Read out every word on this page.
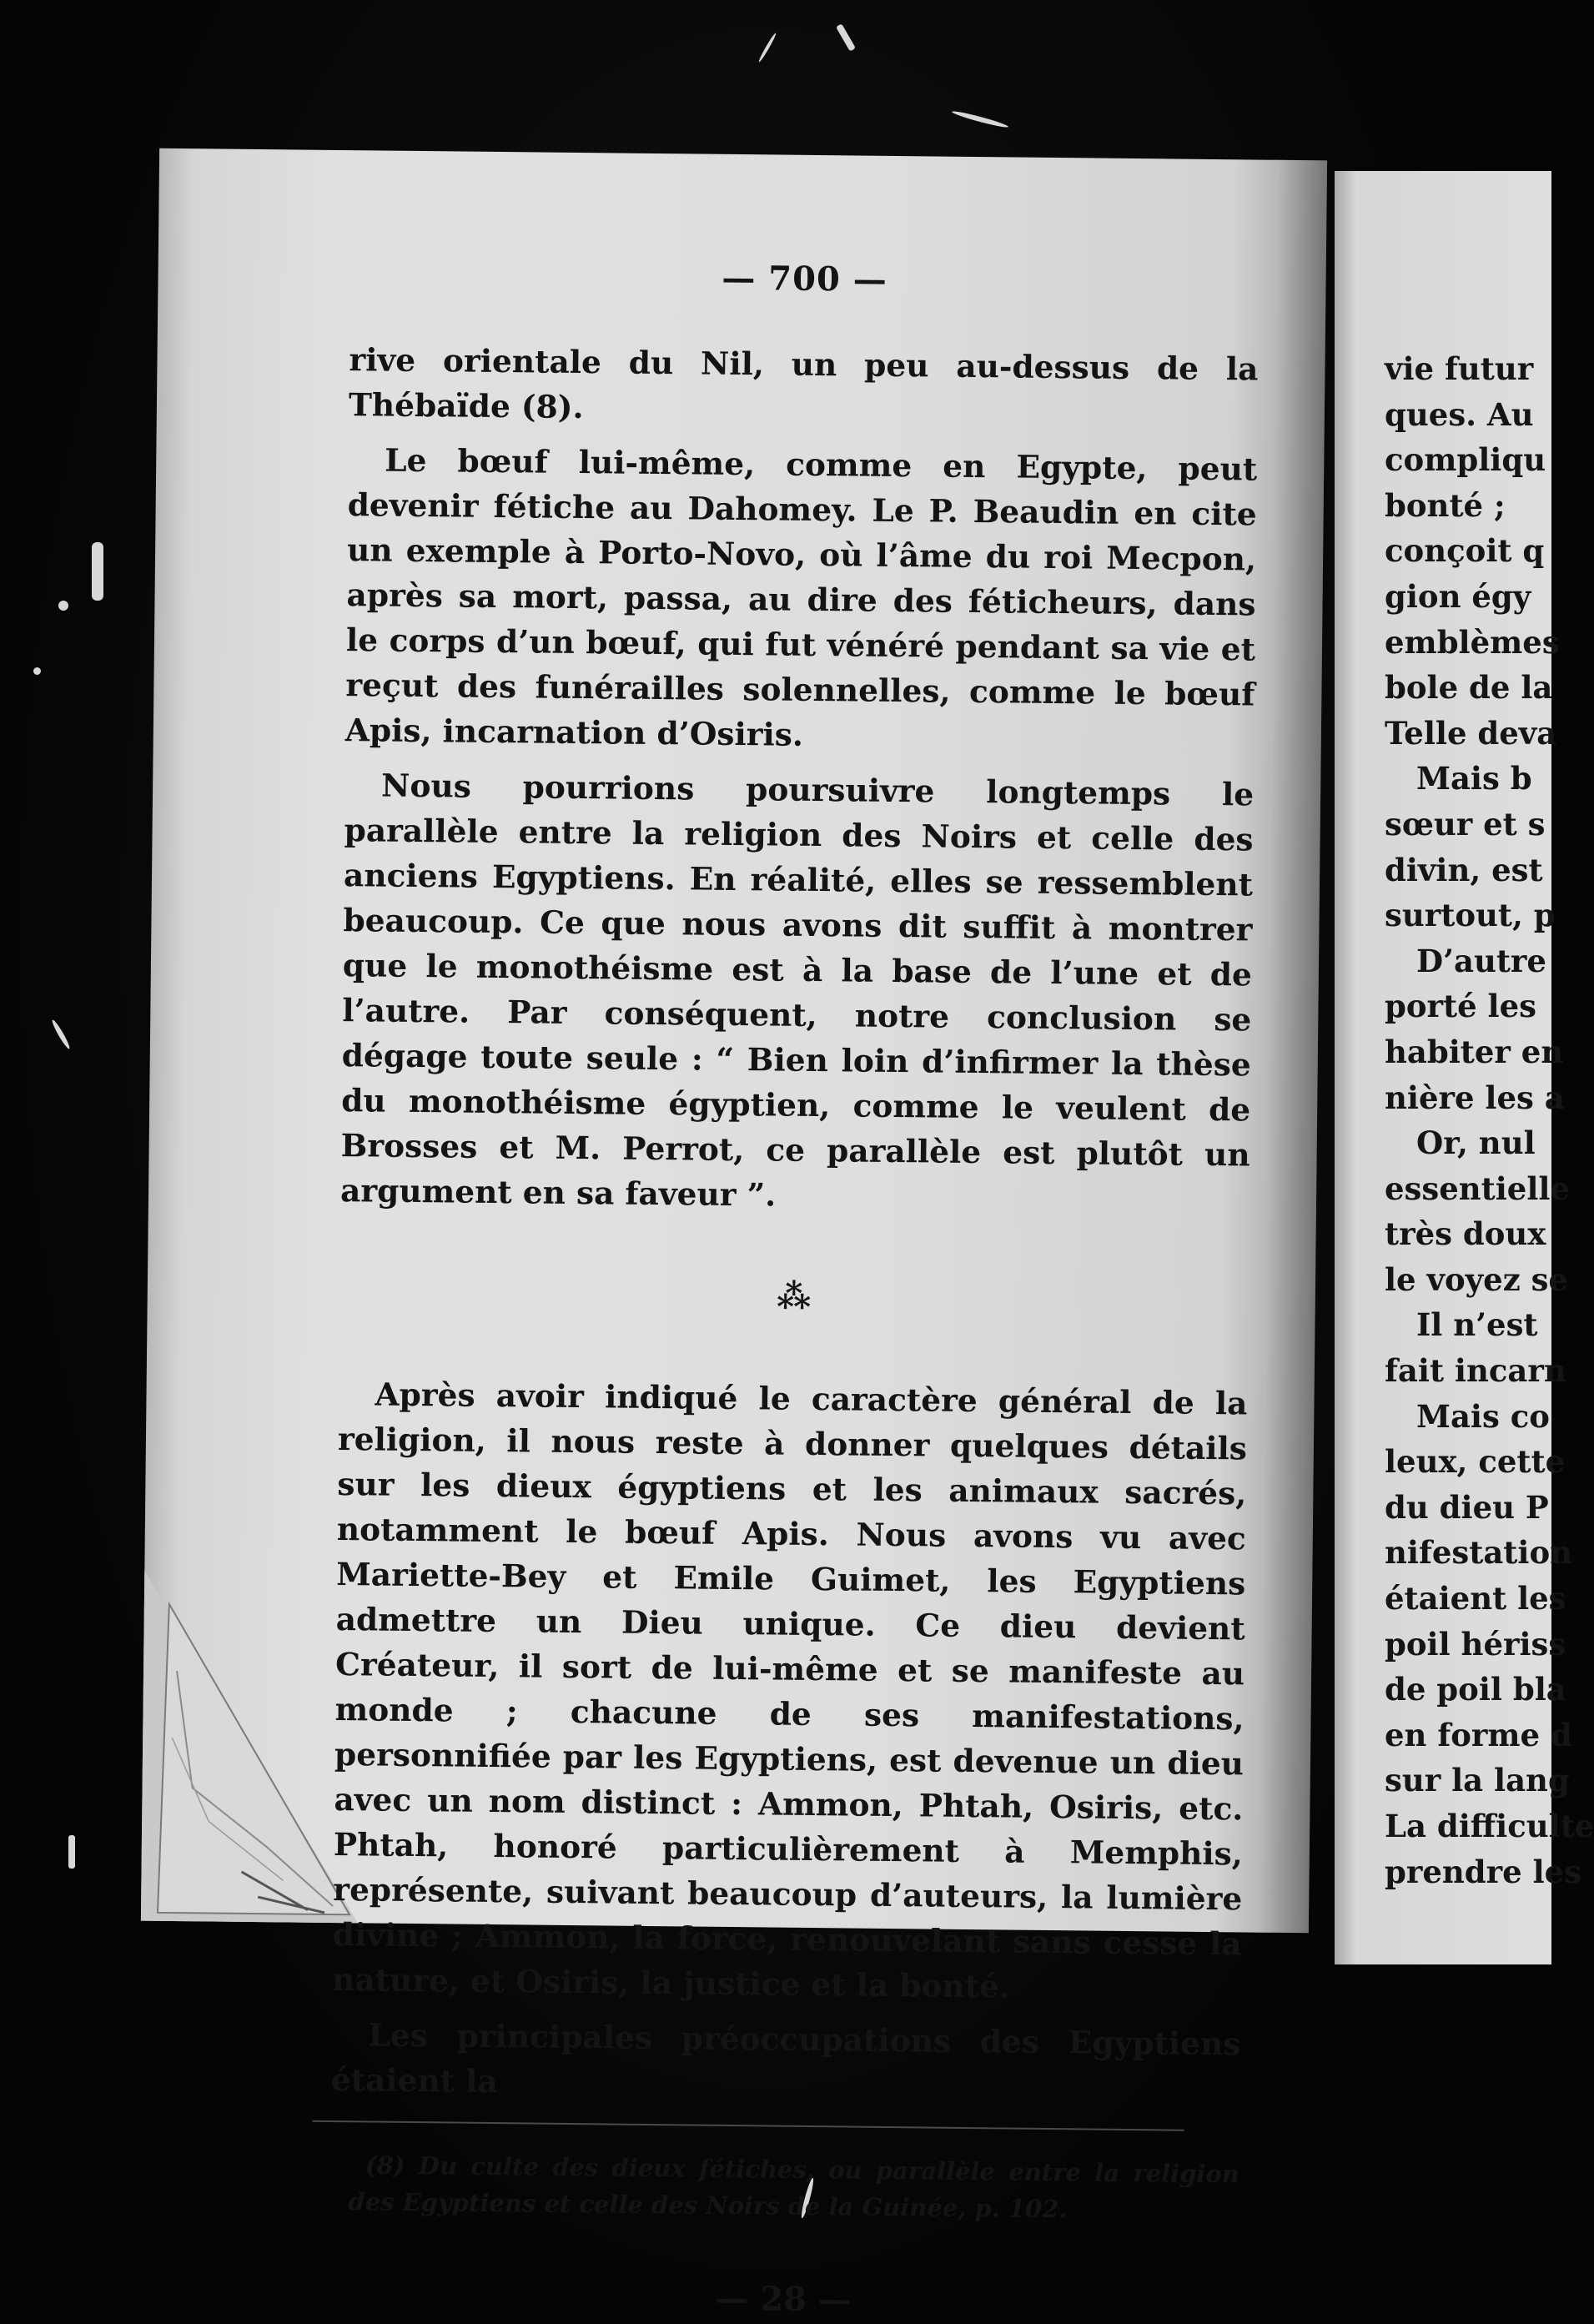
— 700 —

rive orientale du Nil, un peu au-dessus de la Thébaïde (8).

Le bœuf lui-même, comme en Egypte, peut devenir fétiche au Dahomey. Le P. Beaudin en cite un exemple à Porto-Novo, où l’âme du roi Mecpon, après sa mort, passa, au dire des féticheurs, dans le corps d’un bœuf, qui fut vénéré pendant sa vie et reçut des funérailles solennelles, comme le bœuf Apis, incarnation d’Osiris.

Nous pourrions poursuivre longtemps le parallèle entre la religion des Noirs et celle des anciens Egyptiens. En réalité, elles se ressemblent beaucoup. Ce que nous avons dit suffit à montrer que le monothéisme est à la base de l’une et de l’autre. Par conséquent, notre conclusion se dégage toute seule : “ Bien loin d’infirmer la thèse du monothéisme égyptien, comme le veulent de Brosses et M. Perrot, ce parallèle est plutôt un argument en sa faveur ”.

⁂

Après avoir indiqué le caractère général de la religion, il nous reste à donner quelques détails sur les dieux égyptiens et les animaux sacrés, notamment le bœuf Apis. Nous avons vu avec Mariette-Bey et Emile Guimet, les Egyptiens admettre un Dieu unique. Ce dieu devient Créateur, il sort de lui-même et se manifeste au monde ; chacune de ses manifestations, personnifiée par les Egyptiens, est devenue un dieu avec un nom distinct : Ammon, Phtah, Osiris, etc. Phtah, honoré particulièrement à Memphis, représente, suivant beaucoup d’auteurs, la lumière divine ; Ammon, la force, renouvelant sans cesse la nature, et Osiris, la justice et la bonté.

Les principales préoccupations des Egyptiens étaient la

(8) Du culte des dieux fétiches, ou parallèle entre la religion des Egyptiens et celle des Noirs de la Guinée, p. 102.

— 28 —
vie futur
ques. Au
compliqu
bonté ;
conçoit q
gion égy
emblèmes
bole de la
Telle deva
Mais b
sœur et s
divin, est
surtout, p
D’autre
porté les
habiter en
nière les a
Or, nul
essentielle
très doux
le voyez se
Il n’est
fait incarn
Mais co
leux, cette
du dieu P
nifestation
étaient les
poil hériss
de poil bla
en forme d
sur la lang
La difficulte
prendre les
